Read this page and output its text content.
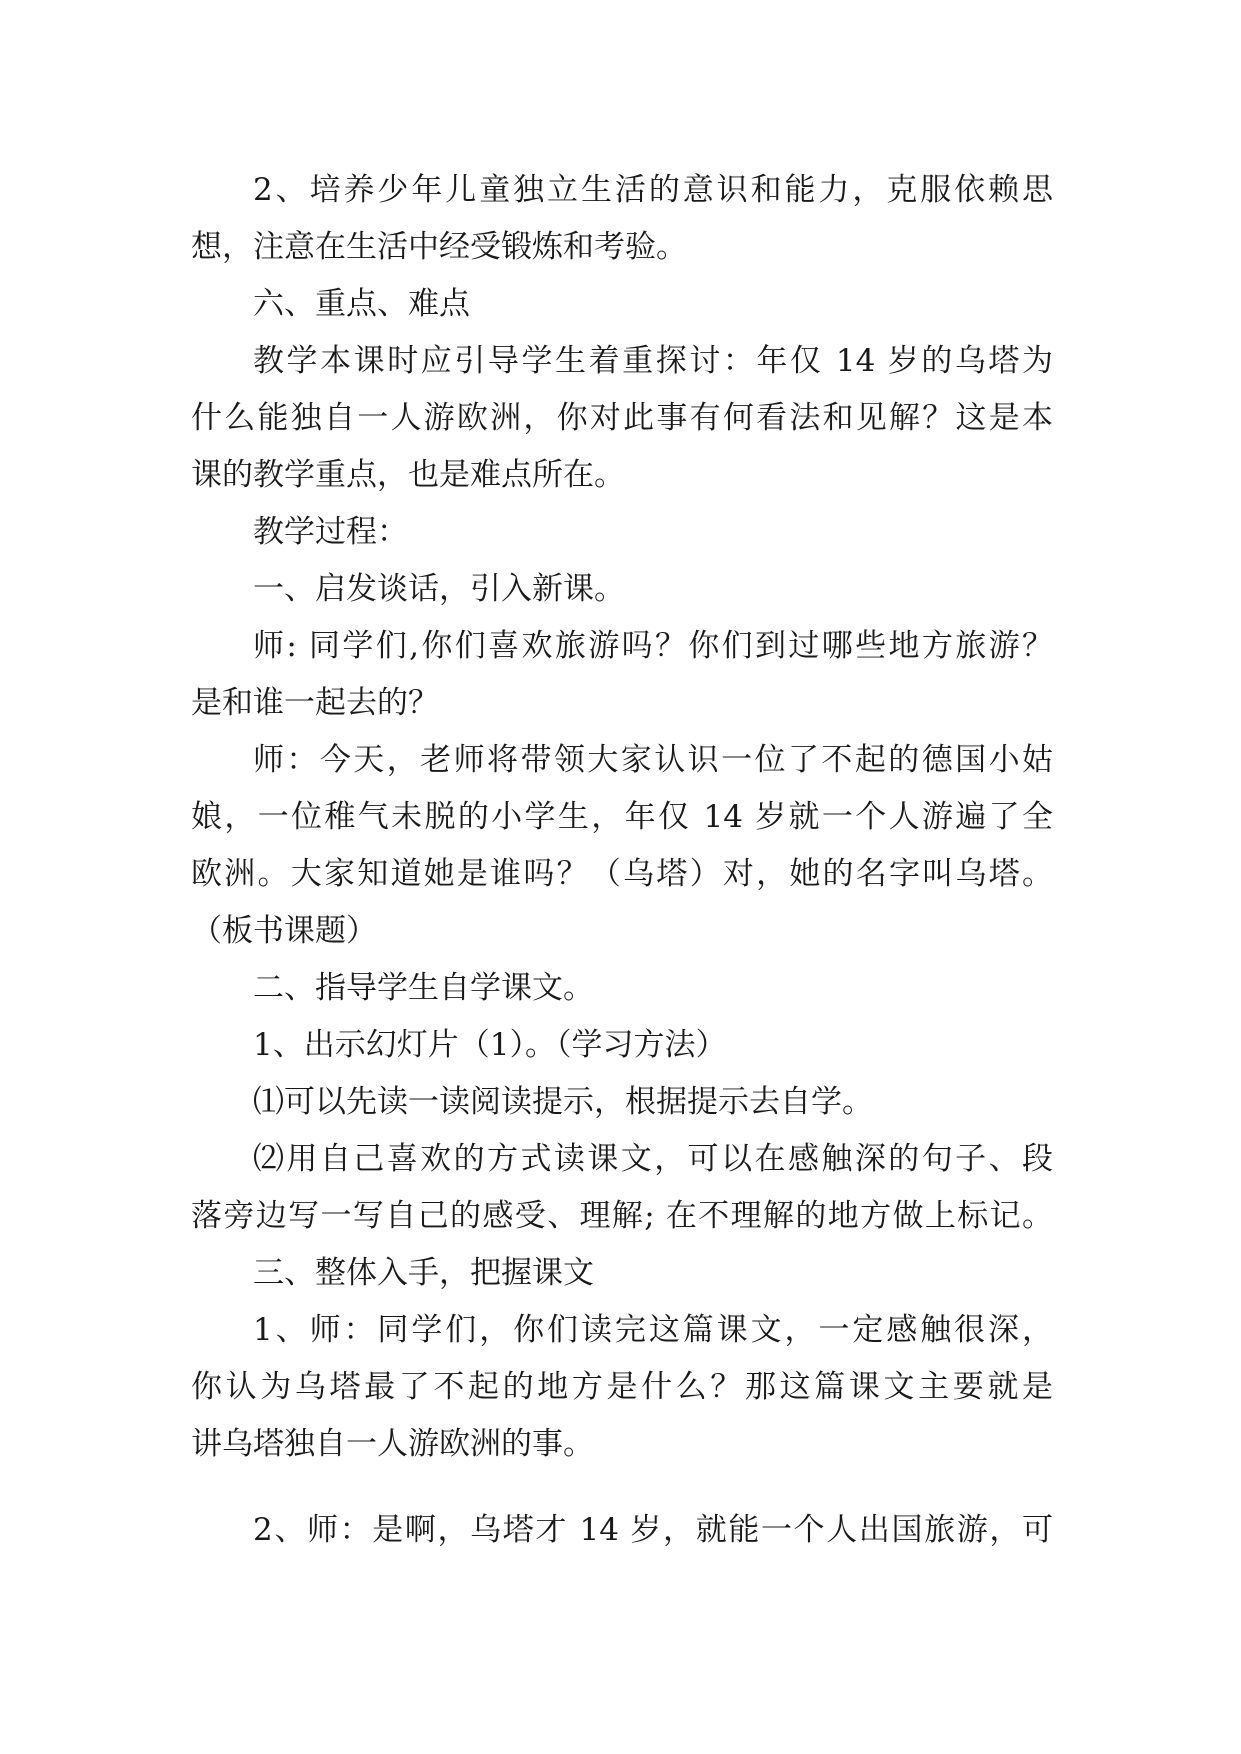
2、培养少年儿童独立生活的意识和能力，克服依赖思
想，注意在生活中经受锻炼和考验。
六、重点、难点
教学本课时应引导学生着重探讨：年仅 14 岁的乌塔为
什么能独自一人游欧洲，你对此事有何看法和见解？这是本
课的教学重点，也是难点所在。
教学过程：
一、启发谈话，引入新课。
师: 同学们,你们喜欢旅游吗？你们到过哪些地方旅游？
是和谁一起去的？
师：今天，老师将带领大家认识一位了不起的德国小姑
娘，一位稚气未脱的小学生，年仅 14 岁就一个人游遍了全
欧洲。大家知道她是谁吗？（乌塔）对，她的名字叫乌塔。
（板书课题）
二、指导学生自学课文。
1、出示幻灯片（1）。（学习方法）
⑴可以先读一读阅读提示，根据提示去自学。
⑵用自己喜欢的方式读课文，可以在感触深的句子、段
落旁边写一写自己的感受、理解; 在不理解的地方做上标记。
三、整体入手，把握课文
1、师：同学们，你们读完这篇课文，一定感触很深，
你认为乌塔最了不起的地方是什么？那这篇课文主要就是
讲乌塔独自一人游欧洲的事。
2、师：是啊，乌塔才 14 岁，就能一个人出国旅游，可
